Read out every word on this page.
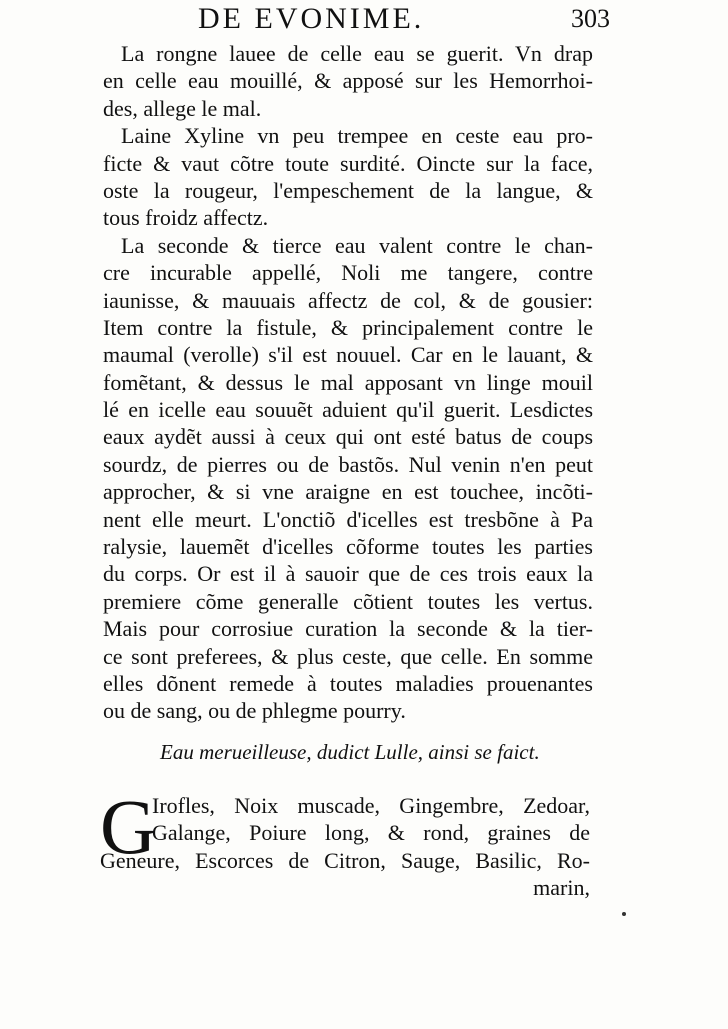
DE EVONIME.	303
La rongne lauee de celle eau se guerit. Vn drap
en celle eau mouillé, & apposé sur les Hemorrhoi-
des, allege le mal.
Laine Xyline vn peu trempee en ceste eau pro-
ficte & vaut cõtre toute surdité. Oincte sur la face,
oste la rougeur, l'empeschement de la langue, &
tous froidz affectz.
La seconde & tierce eau valent contre le chan-
cre incurable appellé, Noli me tangere, contre
iaunisse, & mauuais affectz de col, & de gousier:
Item contre la fistule, & principalement contre le
maumal (verolle) s'il est nouuel. Car en le lauant, &
fomẽtant, & dessus le mal apposant vn linge mouil
lé en icelle eau souuẽt aduient qu'il guerit. Lesdictes
eaux aydẽt aussi à ceux qui ont esté batus de coups
sourdz, de pierres ou de bastõs. Nul venin n'en peut
approcher, & si vne araigne en est touchee, incõti-
nent elle meurt. L'onctiõ d'icelles est tresbõne à Pa
ralysie, lauemẽt d'icelles cõforme toutes les parties
du corps. Or est il à sauoir que de ces trois eaux la
premiere cõme generalle cõtient toutes les vertus.
Mais pour corrosiue curation la seconde & la tier-
ce sont preferees, & plus ceste, que celle. En somme
elles dõnent remede à toutes maladies prouenantes
ou de sang, ou de phlegme pourry.
Eau merueilleuse, dudict Lulle, ainsi se faict.
G
Irofles, Noix muscade, Gingembre, Zedoar,
Galange, Poiure long, & rond, graines de
Geneure, Escorces de Citron, Sauge, Basilic, Ro-
marin,
